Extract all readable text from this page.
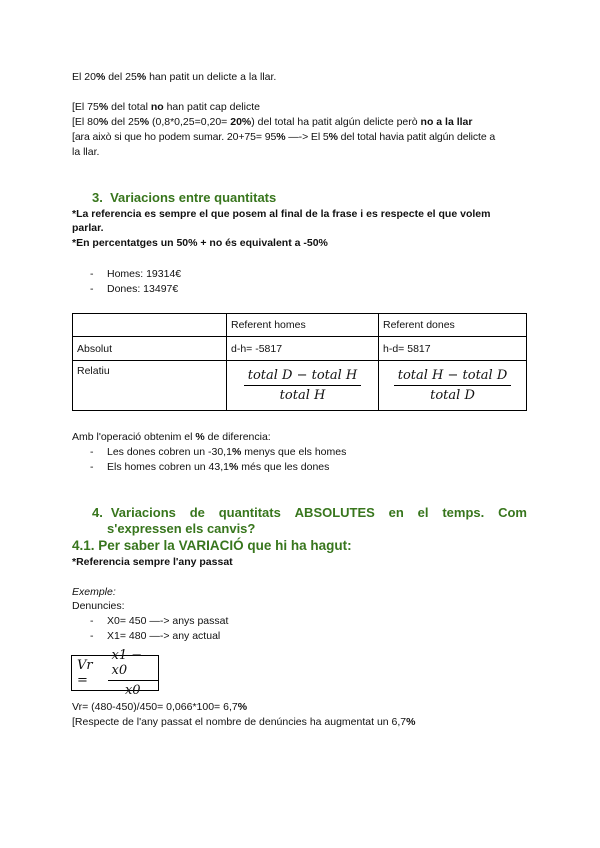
El 20% del 25% han patit un delicte a la llar.
[El 75% del total no han patit cap delicte
[El 80% del 25% (0,8*0,25=0,20= 20%) del total ha patit algún delicte però no a la llar
[ara això si que ho podem sumar. 20+75= 95% —-> El 5% del total havia patit algún delicte a
la llar.
3. Variacions entre quantitats
*La referencia es sempre el que posem al final de la frase i es respecte el que volem
parlar.
*En percentatges un 50% + no és equivalent a -50%
- Homes: 19314€
- Dones: 13497€
	Referent homes	Referent dones
Absolut	d-h= -5817	h-d= 5817
Relatiu	$\frac{\text{total D − total H}}{\text{total H}}$	$\frac{\text{total H − total D}}{\text{total D}}$
Amb l'operació obtenim el % de diferencia:
- Les dones cobren un -30,1% menys que els homes
- Els homes cobren un 43,1% més que les dones
4. Variacions de quantitats ABSOLUTES en el temps. Com
s'expressen els canvis?
4.1. Per saber la VARIACIÓ que hi ha hagut:
*Referencia sempre l'any passat
Exemple:
Denuncies:
- X0= 450 —-> anys passat
- X1= 480 —-> any actual
Vr =	$\frac{x1 - x0}{x0}$
Vr= (480-450)/450= 0,066*100= 6,7%
[Respecte de l'any passat el nombre de denúncies ha augmentat un 6,7%
